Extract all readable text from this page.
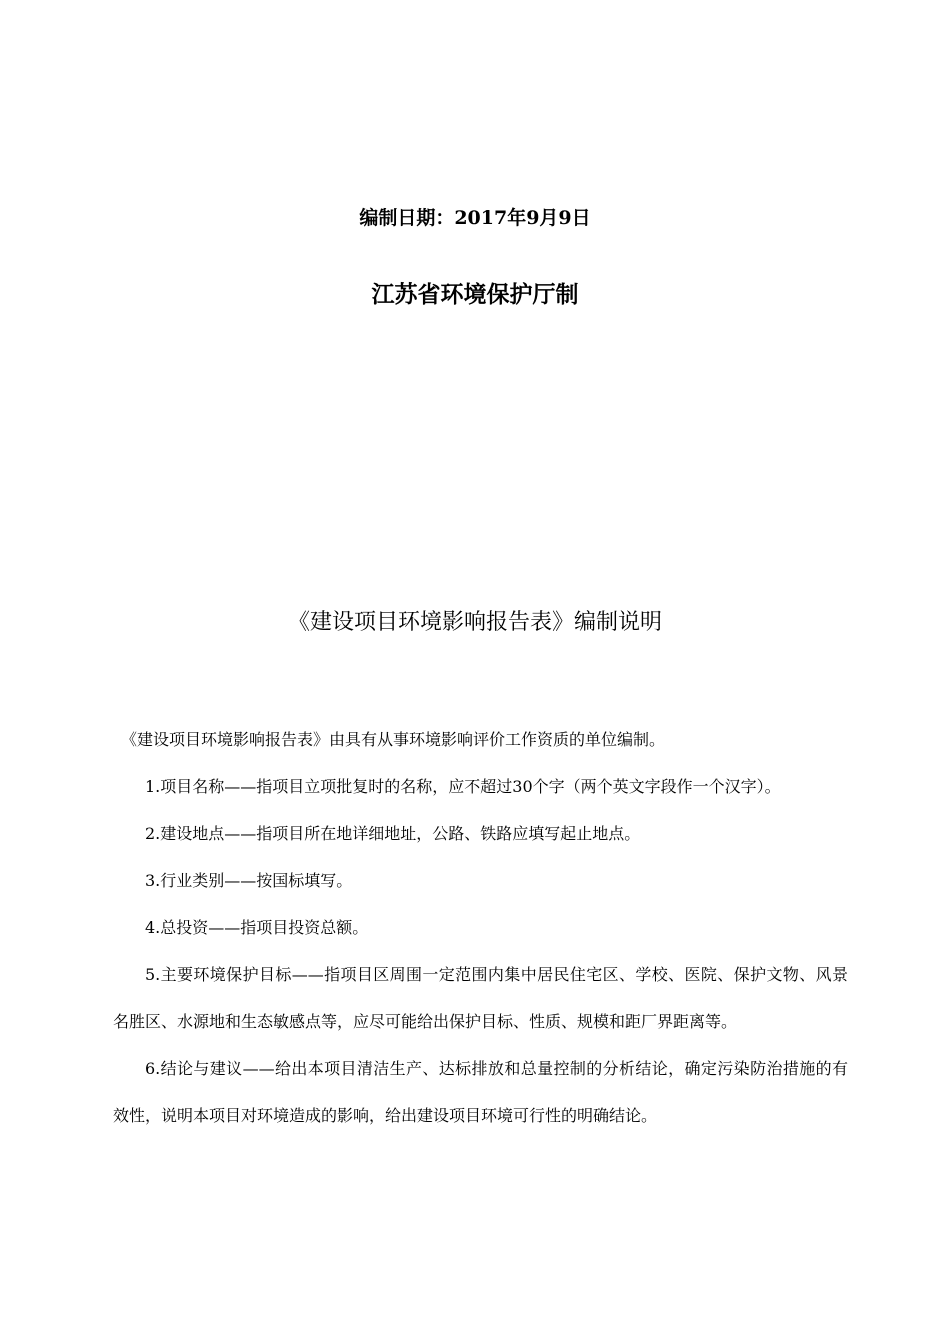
编制日期：2017年9月9日
江苏省环境保护厅制
《建设项目环境影响报告表》编制说明

《建设项目环境影响报告表》由具有从事环境影响评价工作资质的单位编制。

1.项目名称——指项目立项批复时的名称，应不超过30个字（两个英文字段作一个汉字）。

2.建设地点——指项目所在地详细地址，公路、铁路应填写起止地点。

3.行业类别——按国标填写。

4.总投资——指项目投资总额。

5.主要环境保护目标——指项目区周围一定范围内集中居民住宅区、学校、医院、保护文物、风景名胜区、水源地和生态敏感点等，应尽可能给出保护目标、性质、规模和距厂界距离等。

6.结论与建议——给出本项目清洁生产、达标排放和总量控制的分析结论，确定污染防治措施的有效性，说明本项目对环境造成的影响，给出建设项目环境可行性的明确结论。
